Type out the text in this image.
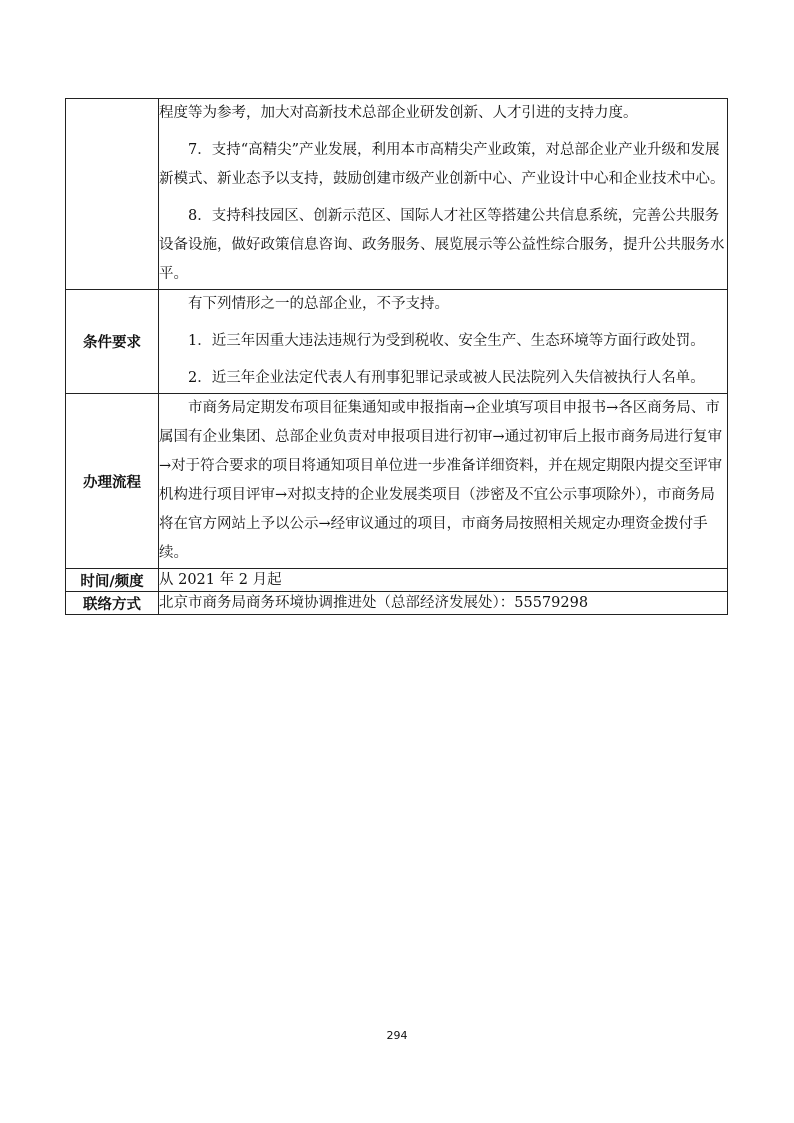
	程度等为参考，加大对高新技术总部企业研发创新、人才引进的支持力度。

7．支持“高精尖”产业发展，利用本市高精尖产业政策，对总部企业产业升级和发展新模式、新业态予以支持，鼓励创建市级产业创新中心、产业设计中心和企业技术中心。

8．支持科技园区、创新示范区、国际人才社区等搭建公共信息系统，完善公共服务设备设施，做好政策信息咨询、政务服务、展览展示等公益性综合服务，提升公共服务水平。

条件要求	有下列情形之一的总部企业，不予支持。

1．近三年因重大违法违规行为受到税收、安全生产、生态环境等方面行政处罚。

2．近三年企业法定代表人有刑事犯罪记录或被人民法院列入失信被执行人名单。

办理流程	市商务局定期发布项目征集通知或申报指南→企业填写项目申报书→各区商务局、市属国有企业集团、总部企业负责对申报项目进行初审→通过初审后上报市商务局进行复审→对于符合要求的项目将通知项目单位进一步准备详细资料，并在规定期限内提交至评审机构进行项目评审→对拟支持的企业发展类项目（涉密及不宜公示事项除外），市商务局将在官方网站上予以公示→经审议通过的项目，市商务局按照相关规定办理资金拨付手续。

时间/频度	从 2021 年 2 月起
联络方式	北京市商务局商务环境协调推进处（总部经济发展处）：55579298
294
